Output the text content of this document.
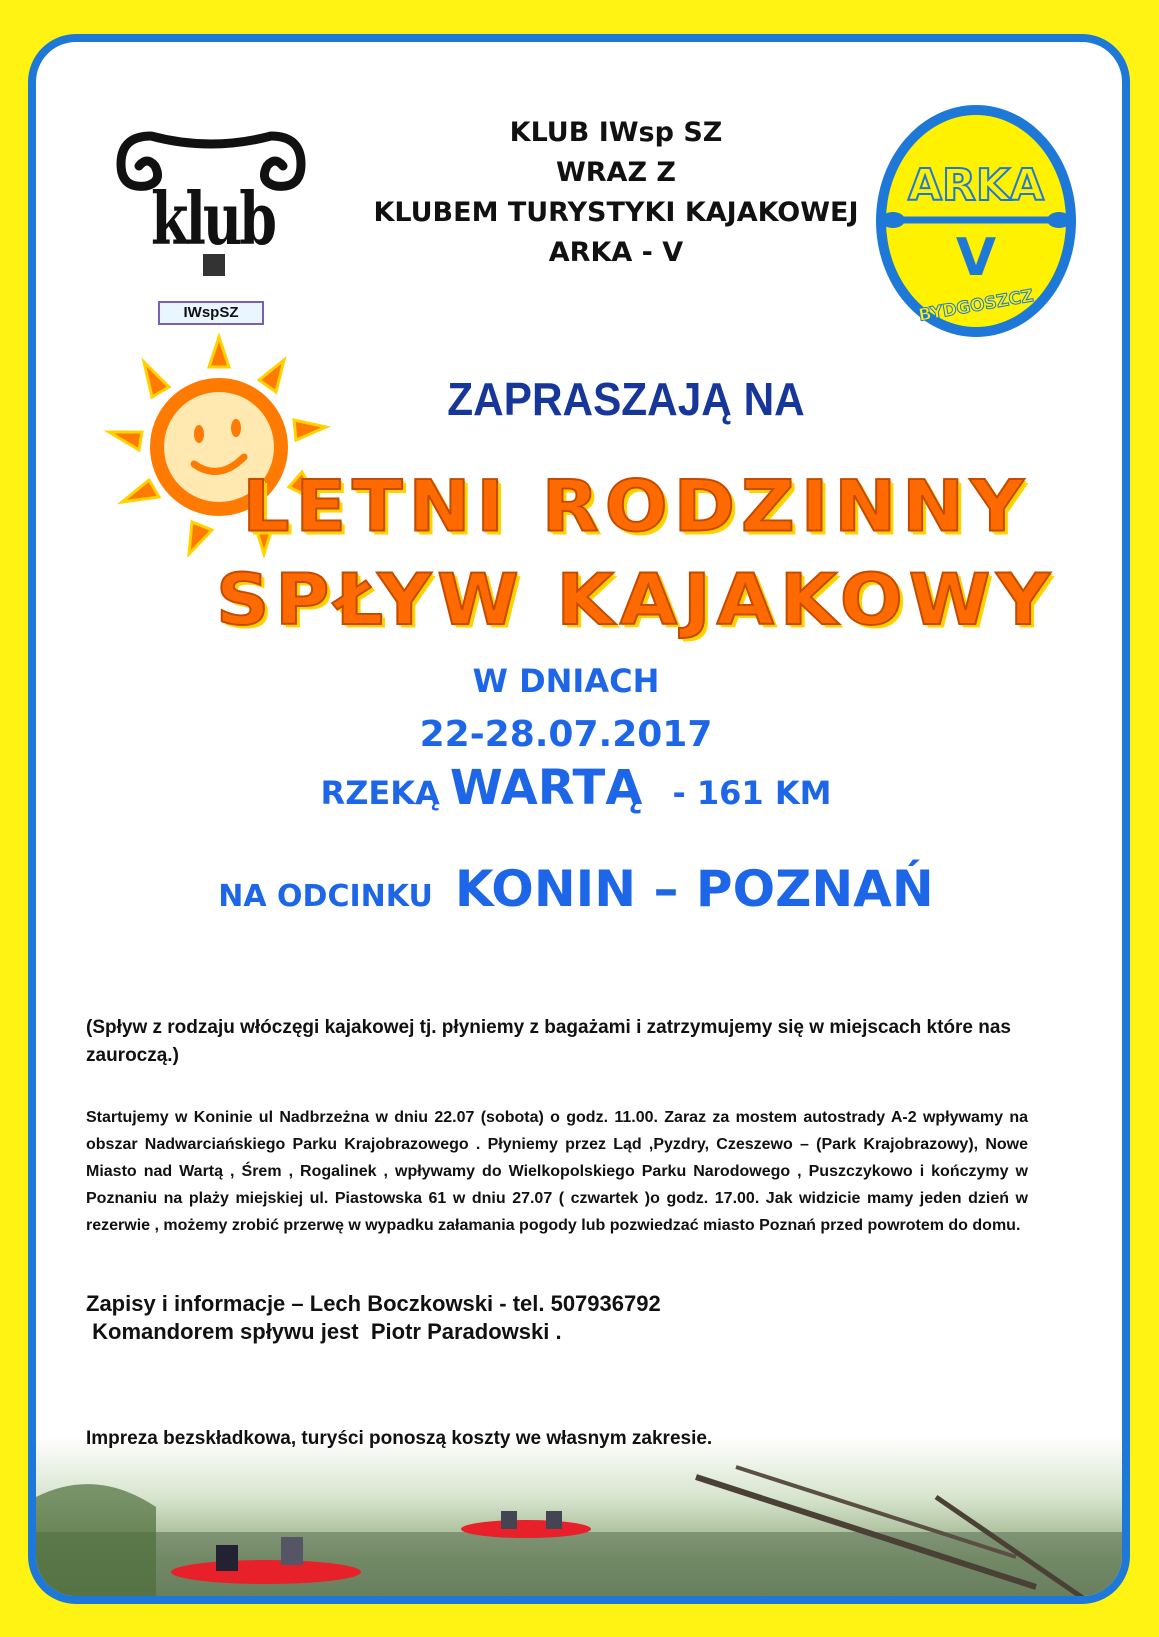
klub
IWspSZ
KLUB IWsp SZ
WRAZ Z
KLUBEM TURYSTYKI KAJAKOWEJ
ARKA - V
ARKA
V
BYDGOSZCZ
ZAPRASZAJĄ NA
LETNI RODZINNY
SPŁYW KAJAKOWY
W DNIACH
22-28.07.2017
RZEKĄ WARTĄ - 161 KM
NA ODCINKU KONIN – POZNAŃ
(Spływ z rodzaju włóczęgi kajakowej tj. płyniemy z bagażami i zatrzymujemy się w miejscach które nas zauroczą.)
Startujemy w Koninie ul Nadbrzeżna w dniu 22.07 (sobota) o godz. 11.00. Zaraz za mostem autostrady A-2 wpływamy na obszar Nadwarciańskiego Parku Krajobrazowego . Płyniemy przez Ląd ,Pyzdry, Czeszewo – (Park Krajobrazowy), Nowe Miasto nad Wartą , Śrem , Rogalinek , wpływamy do Wielkopolskiego Parku Narodowego , Puszczykowo i kończymy w Poznaniu na plaży miejskiej ul. Piastowska 61 w dniu 27.07 ( czwartek )o godz. 17.00. Jak widzicie mamy jeden dzień w rezerwie , możemy zrobić przerwę w wypadku załamania pogody lub pozwiedzać miasto Poznań przed powrotem do domu.
Zapisy i informacje – Lech Boczkowski - tel. 507936792
Komandorem spływu jest  Piotr Paradowski .
Impreza bezskładkowa, turyści ponoszą koszty we własnym zakresie.
